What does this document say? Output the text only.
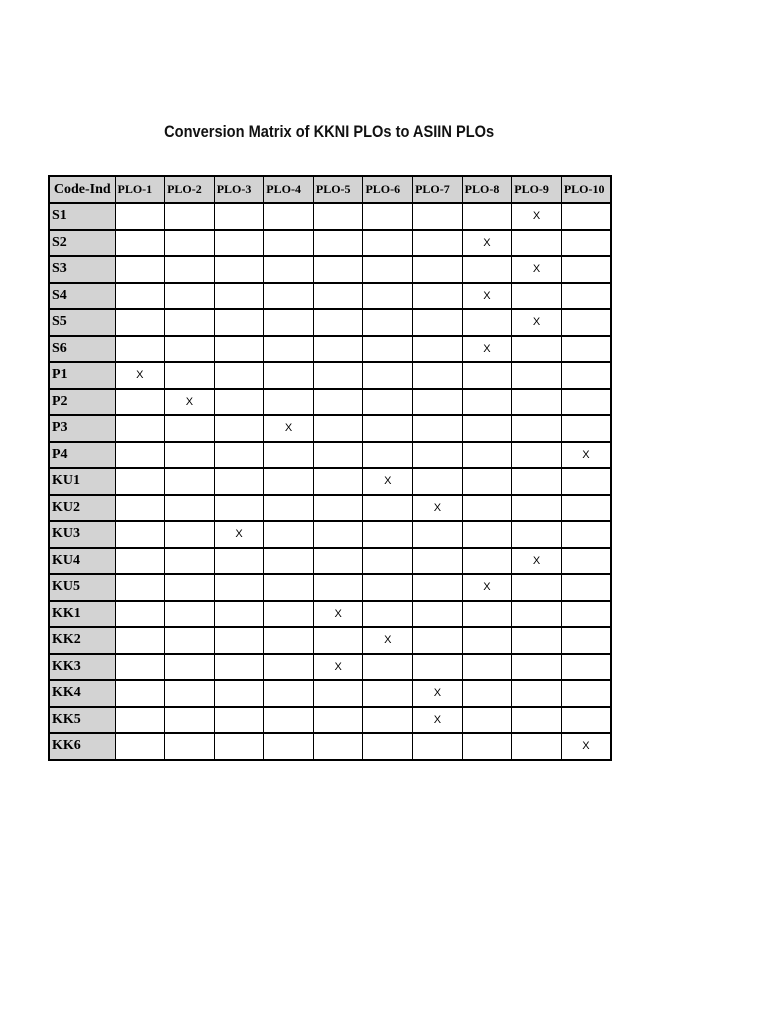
Conversion Matrix of KKNI PLOs to ASIIN PLOs
Code-Ind	PLO-1	PLO-2	PLO-3	PLO-4	PLO-5	PLO-6	PLO-7	PLO-8	PLO-9	PLO-10
S1									X	
S2								X		
S3									X	
S4								X		
S5									X	
S6								X		
P1	X									
P2		X								
P3				X						
P4										X
KU1						X				
KU2							X			
KU3			X							
KU4									X	
KU5								X		
KK1					X					
KK2						X				
KK3					X					
KK4							X			
KK5							X			
KK6										X
